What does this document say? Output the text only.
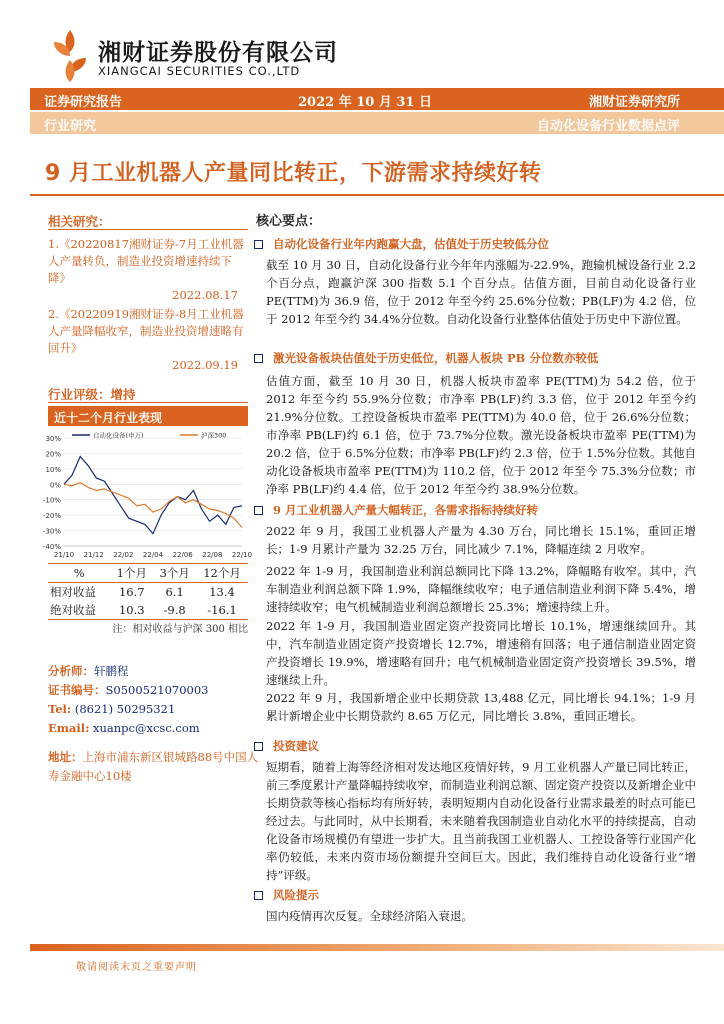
湘财证券股份有限公司
XIANGCAI SECURITIES CO.,LTD
证券研究报告	2022 年 10 月 31 日	湘财证券研究所
行业研究	自动化设备行业数据点评
9 月工业机器人产量同比转正，下游需求持续好转
相关研究：
1.《20220817湘财证券-7月工业机器人产量转负，制造业投资增速持续下降》
2022.08.17
2.《20220919湘财证券-8月工业机器人产量降幅收窄，制造业投资增速略有回升》
2022.09.19
行业评级：增持
近十二个月行业表现
30%
20%
10%
0%
-10%
-20%
-30%
-40%
21/10 21/12 22/02 22/04 22/06 22/08 22/10
自动化设备(申万)	沪深300
%	1个月	3个月	12个月
相对收益	16.7	6.1	13.4
绝对收益	10.3	-9.8	-16.1
注：相对收益与沪深 300 相比
分析师：轩鹏程
证书编号：S0500521070003
Tel: (8621) 50295321
Email: xuanpc@xcsc.com
地址：上海市浦东新区银城路88号中国人寿金融中心10楼
核心要点：
自动化设备行业年内跑赢大盘，估值处于历史较低分位
截至 10 月 30 日，自动化设备行业今年年内涨幅为-22.9%，跑输机械设备行业 2.2 个百分点，跑赢沪深 300 指数 5.1 个百分点。估值方面，目前自动化设备行业 PE(TTM)为 36.9 倍，位于 2012 年至今约 25.6%分位数；PB(LF)为 4.2 倍，位于 2012 年至今约 34.4%分位数。自动化设备行业整体估值处于历史中下游位置。
激光设备板块估值处于历史低位，机器人板块 PB 分位数亦较低
估值方面，截至 10 月 30 日，机器人板块市盈率 PE(TTM)为 54.2 倍，位于 2012 年至今约 55.9%分位数；市净率 PB(LF)约 3.3 倍，位于 2012 年至今约 21.9%分位数。工控设备板块市盈率 PE(TTM)为 40.0 倍，位于 26.6%分位数；市净率 PB(LF)约 6.1 倍，位于 73.7%分位数。激光设备板块市盈率 PE(TTM)为 20.2 倍，位于 6.5%分位数；市净率 PB(LF)约 2.3 倍，位于 1.5%分位数。其他自动化设备板块市盈率 PE(TTM)为 110.2 倍，位于 2012 年至今 75.3%分位数；市净率 PB(LF)约 4.4 倍，位于 2012 年至今约 38.9%分位数。
9 月工业机器人产量大幅转正，各需求指标持续好转
2022 年 9 月，我国工业机器人产量为 4.30 万台，同比增长 15.1%，重回正增长；1-9 月累计产量为 32.25 万台，同比减少 7.1%，降幅连续 2 月收窄。
2022 年 1-9 月，我国制造业利润总额同比下降 13.2%，降幅略有收窄。其中，汽车制造业利润总额下降 1.9%，降幅继续收窄；电子通信制造业利润下降 5.4%，增速持续收窄；电气机械制造业利润总额增长 25.3%；增速持续上升。
2022 年 1-9 月，我国制造业固定资产投资同比增长 10.1%，增速继续回升。其中，汽车制造业固定资产投资增长 12.7%，增速稍有回落；电子通信制造业固定资产投资增长 19.9%，增速略有回升；电气机械制造业固定资产投资增长 39.5%，增速继续上升。
2022 年 9 月，我国新增企业中长期贷款 13,488 亿元，同比增长 94.1%；1-9 月累计新增企业中长期贷款约 8.65 万亿元，同比增长 3.8%，重回正增长。
投资建议
短期看，随着上海等经济相对发达地区疫情好转，9 月工业机器人产量已同比转正，前三季度累计产量降幅持续收窄，而制造业利润总额、固定资产投资以及新增企业中长期贷款等核心指标均有所好转，表明短期内自动化设备行业需求最差的时点可能已经过去。与此同时，从中长期看，未来随着我国制造业自动化水平的持续提高，自动化设备市场规模仍有望进一步扩大。且当前我国工业机器人、工控设备等行业国产化率仍较低，未来内资市场份额提升空间巨大。因此，我们维持自动化设备行业“增持”评级。
风险提示
国内疫情再次反复。全球经济陷入衰退。
敬请阅读末页之重要声明
